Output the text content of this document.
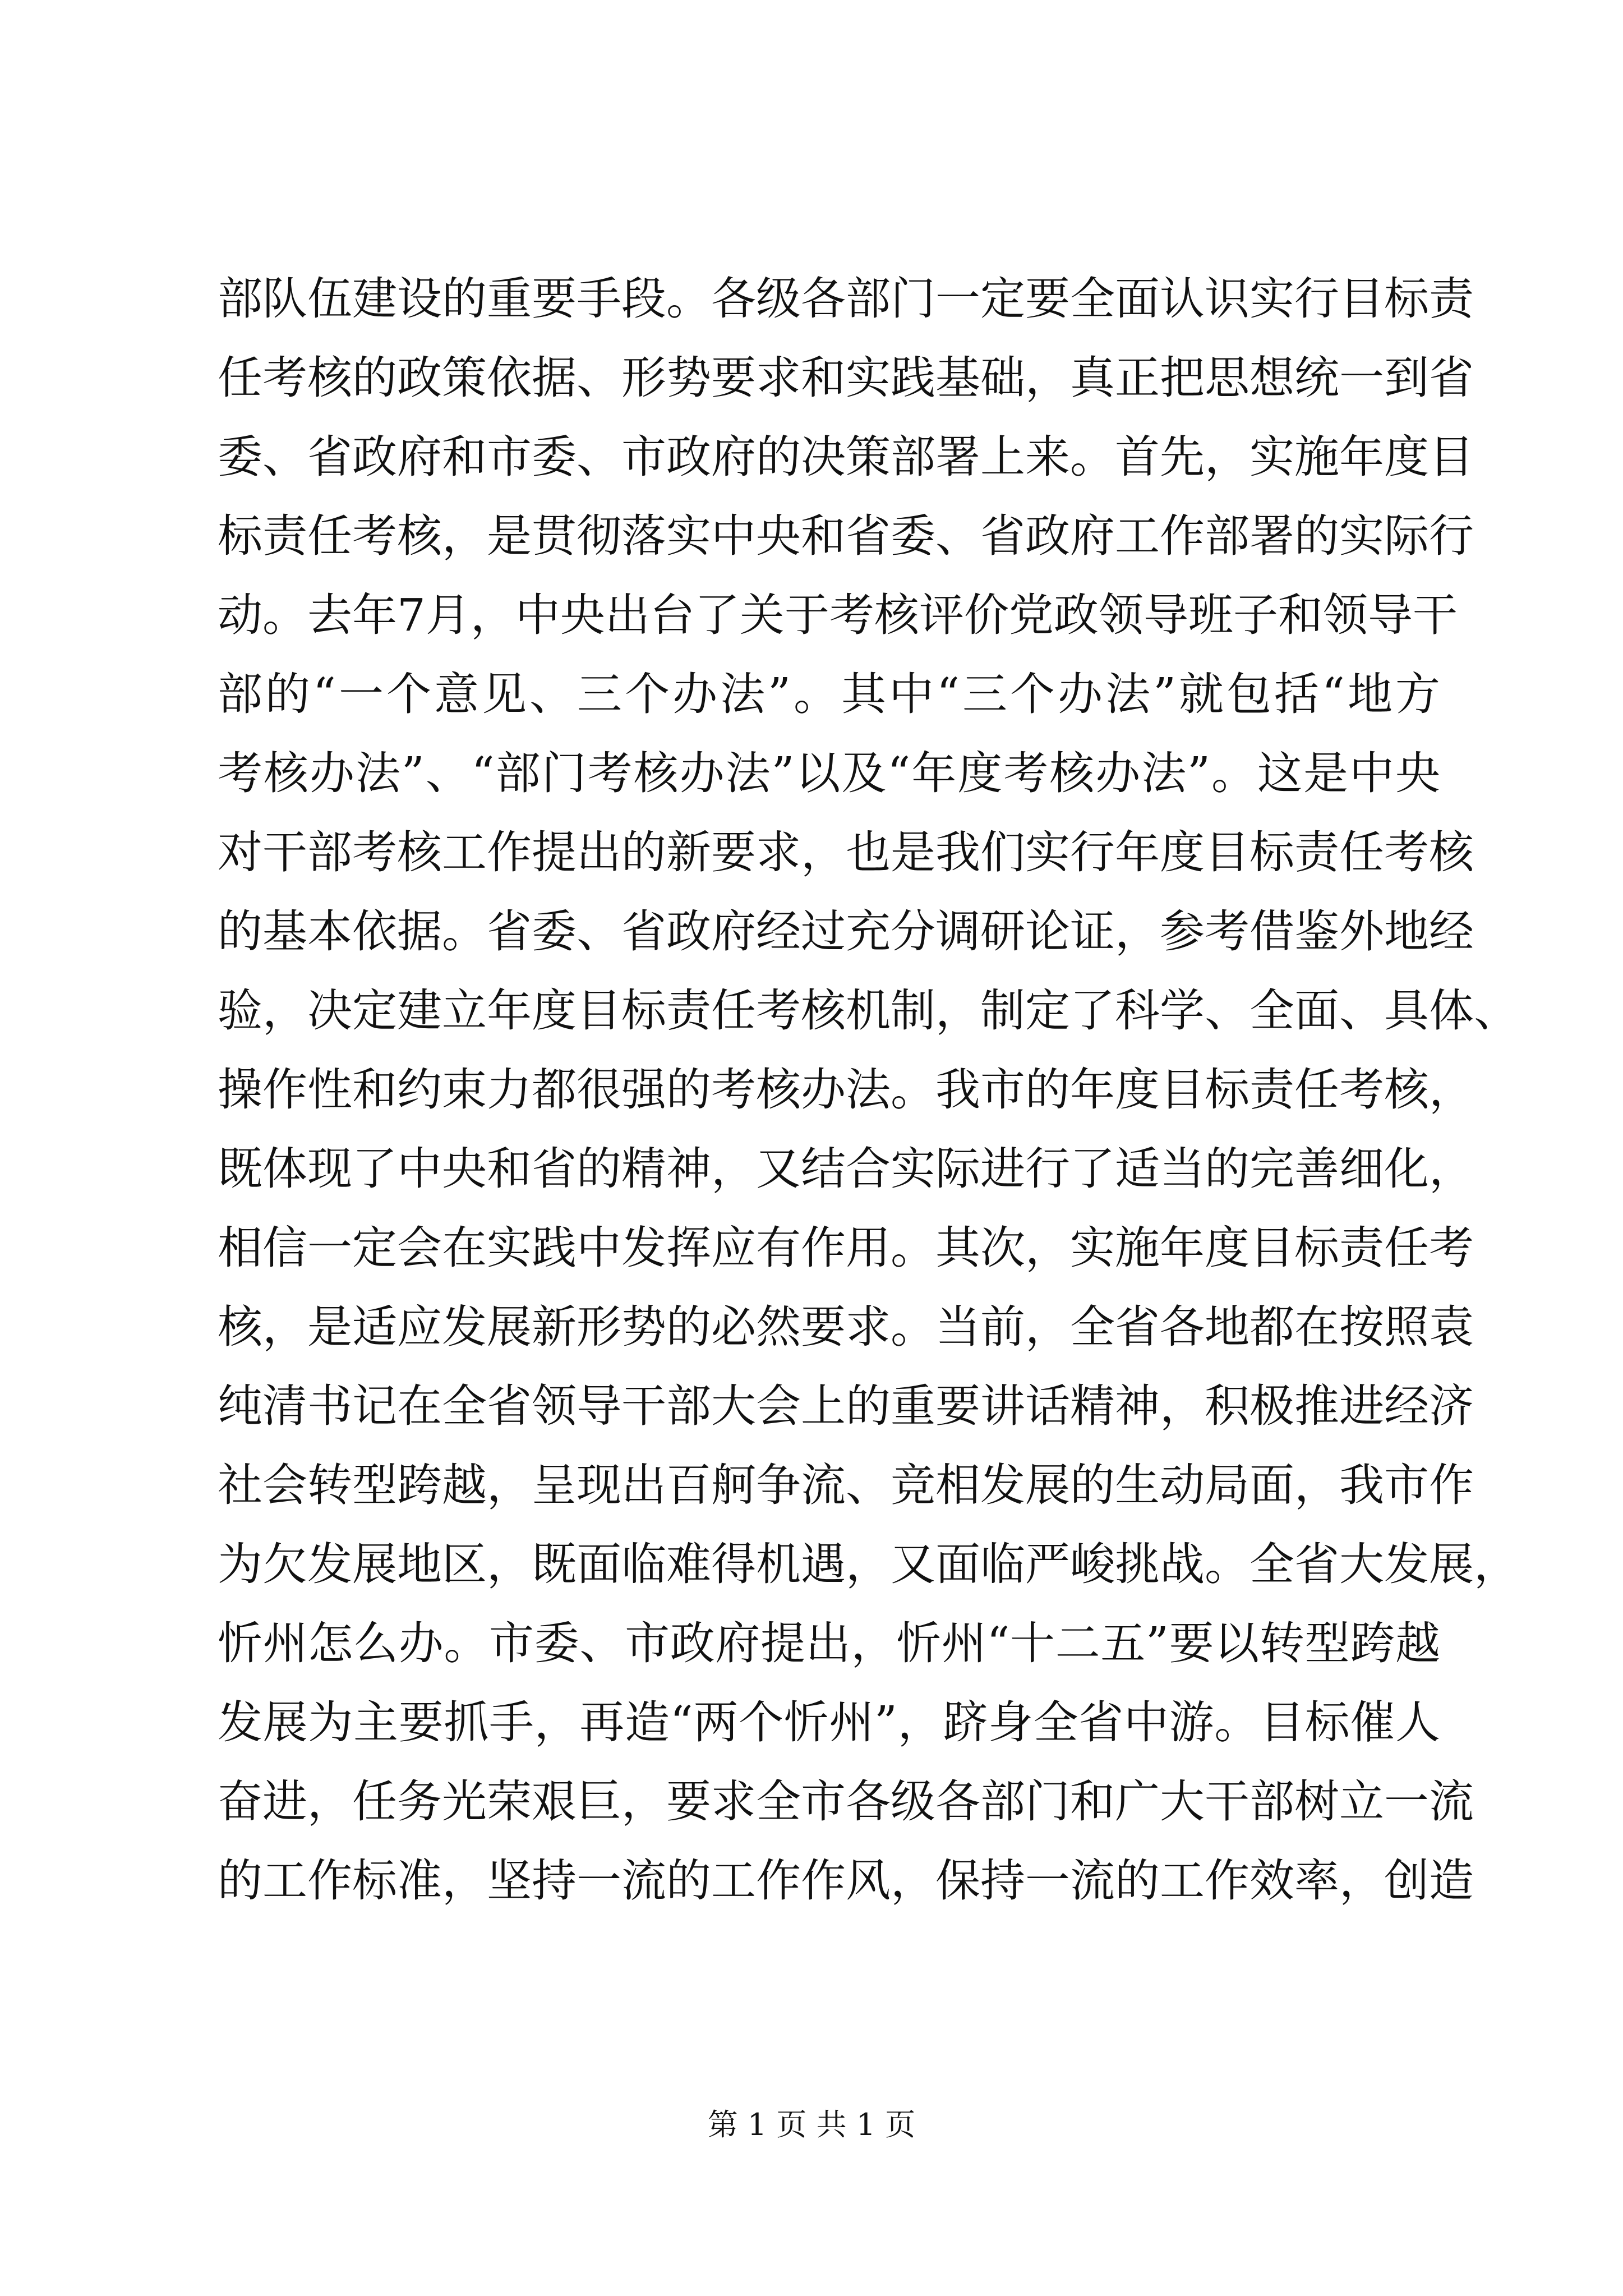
部队伍建设的重要手段。各级各部门一定要全面认识实行目标责
任考核的政策依据、形势要求和实践基础，真正把思想统一到省
委、省政府和市委、市政府的决策部署上来。首先，实施年度目
标责任考核，是贯彻落实中央和省委、省政府工作部署的实际行
动。去年7月，中央出台了关于考核评价党政领导班子和领导干
部的“一个意见、三个办法”。其中“三个办法”就包括“地方
考核办法”、“部门考核办法”以及“年度考核办法”。这是中央
对干部考核工作提出的新要求，也是我们实行年度目标责任考核
的基本依据。省委、省政府经过充分调研论证，参考借鉴外地经
验，决定建立年度目标责任考核机制，制定了科学、全面、具体、
操作性和约束力都很强的考核办法。我市的年度目标责任考核，
既体现了中央和省的精神，又结合实际进行了适当的完善细化，
相信一定会在实践中发挥应有作用。其次，实施年度目标责任考
核，是适应发展新形势的必然要求。当前，全省各地都在按照袁
纯清书记在全省领导干部大会上的重要讲话精神，积极推进经济
社会转型跨越，呈现出百舸争流、竞相发展的生动局面，我市作
为欠发展地区，既面临难得机遇，又面临严峻挑战。全省大发展，
忻州怎么办。市委、市政府提出，忻州“十二五”要以转型跨越
发展为主要抓手，再造“两个忻州”，跻身全省中游。目标催人
奋进，任务光荣艰巨，要求全市各级各部门和广大干部树立一流
的工作标准，坚持一流的工作作风，保持一流的工作效率，创造
第 1 页 共 1 页
